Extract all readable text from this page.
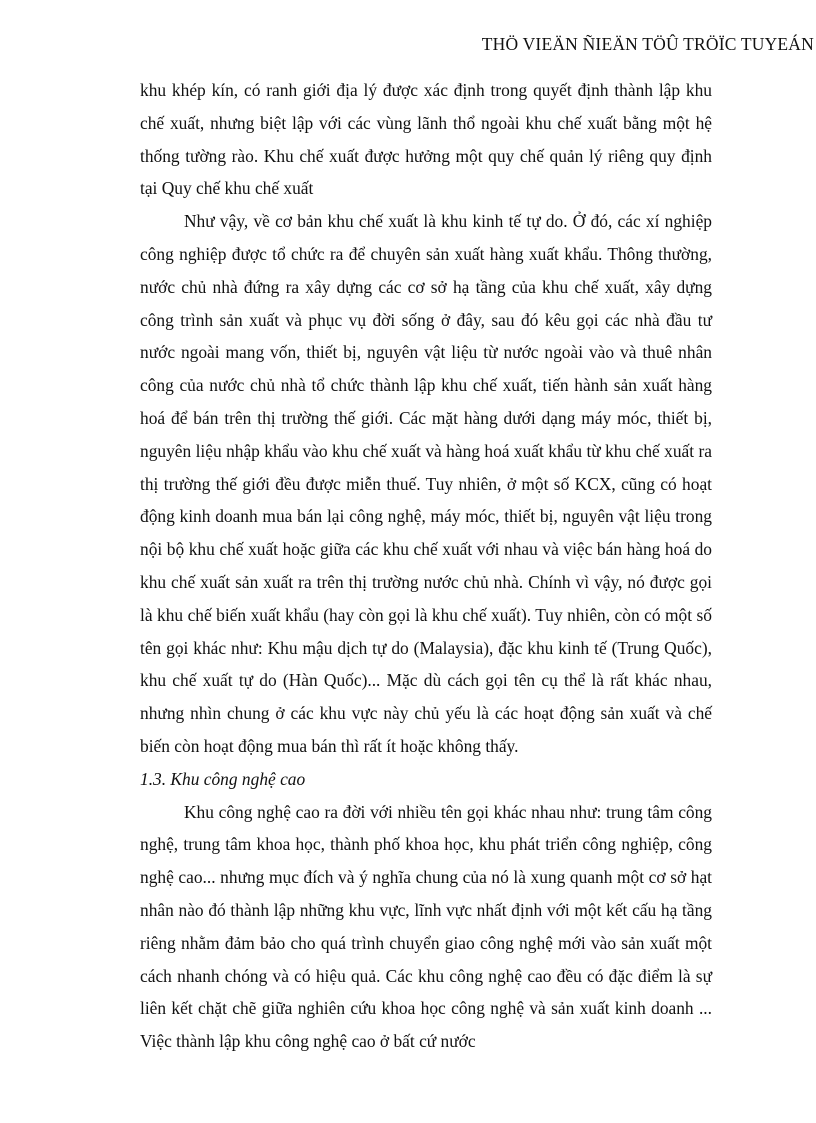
THÖ VIEÄN ÑIEÄN TÖÛ TRÖÏC TUYEÁN

khu khép kín, có ranh giới địa lý được xác định trong quyết định thành lập khu chế xuất, nhưng biệt lập với các vùng lãnh thổ ngoài khu chế xuất bằng một hệ thống tường rào. Khu chế xuất được hưởng một quy chế quản lý riêng quy định tại Quy chế khu chế xuất

Như vậy, về cơ bản khu chế xuất là khu kinh tế tự do. Ở đó, các xí nghiệp công nghiệp được tổ chức ra để chuyên sản xuất hàng xuất khẩu. Thông thường, nước chủ nhà đứng ra xây dựng các cơ sở hạ tầng của khu chế xuất, xây dựng công trình sản xuất và phục vụ đời sống ở đây, sau đó kêu gọi các nhà đầu tư nước ngoài mang vốn, thiết bị, nguyên vật liệu từ nước ngoài vào và thuê nhân công của nước chủ nhà tổ chức thành lập khu chế xuất, tiến hành sản xuất hàng hoá để bán trên thị trường thế giới. Các mặt hàng dưới dạng máy móc, thiết bị, nguyên liệu nhập khẩu vào khu chế xuất và hàng hoá xuất khẩu từ khu chế xuất ra thị trường thế giới đều được miễn thuế. Tuy nhiên, ở một số KCX, cũng có hoạt động kinh doanh mua bán lại công nghệ, máy móc, thiết bị, nguyên vật liệu trong nội bộ khu chế xuất hoặc giữa các khu chế xuất với nhau và việc bán hàng hoá do khu chế xuất sản xuất ra trên thị trường nước chủ nhà. Chính vì vậy, nó được gọi là khu chế biến xuất khẩu (hay còn gọi là khu chế xuất). Tuy nhiên, còn có một số tên gọi khác như: Khu mậu dịch tự do (Malaysia), đặc khu kinh tế (Trung Quốc), khu chế xuất tự do (Hàn Quốc)... Mặc dù cách gọi tên cụ thể là rất khác nhau, nhưng nhìn chung ở các khu vực này chủ yếu là các hoạt động sản xuất và chế biến còn hoạt động mua bán thì rất ít hoặc không thấy.

1.3. Khu công nghệ cao

Khu công nghệ cao ra đời với nhiều tên gọi khác nhau như: trung tâm công nghệ, trung tâm khoa học, thành phố khoa học, khu phát triển công nghiệp, công nghệ cao... nhưng mục đích và ý nghĩa chung của nó là xung quanh một cơ sở hạt nhân nào đó thành lập những khu vực, lĩnh vực nhất định với một kết cấu hạ tầng riêng nhằm đảm bảo cho quá trình chuyển giao công nghệ mới vào sản xuất một cách nhanh chóng và có hiệu quả. Các khu công nghệ cao đều có đặc điểm là sự liên kết chặt chẽ giữa nghiên cứu khoa học công nghệ và sản xuất kinh doanh ... Việc thành lập khu công nghệ cao ở bất cứ nước
